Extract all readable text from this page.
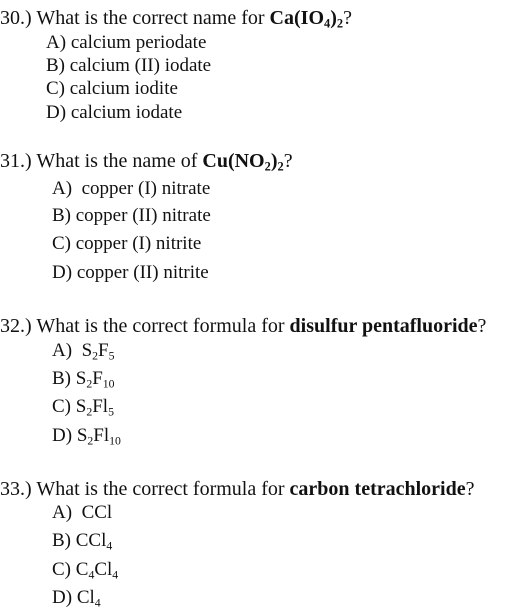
30.) What is the correct name for $Ca(IO_4)_2$?
A) calcium periodate
B) calcium (II) iodate
C) calcium iodite
D) calcium iodate
31.) What is the name of $Cu(NO_2)_2$?
A) copper (I) nitrate
B) copper (II) nitrate
C) copper (I) nitrite
D) copper (II) nitrite
32.) What is the correct formula for disulfur pentafluoride?
A) $S_2F_5$
B) $S_2F_{10}$
C) $S_2Fl_5$
D) $S_2Fl_{10}$
33.) What is the correct formula for carbon tetrachloride?
A) CCl
B) CCl$_4$
C) $C_4Cl_4$
D) $Cl_4$
